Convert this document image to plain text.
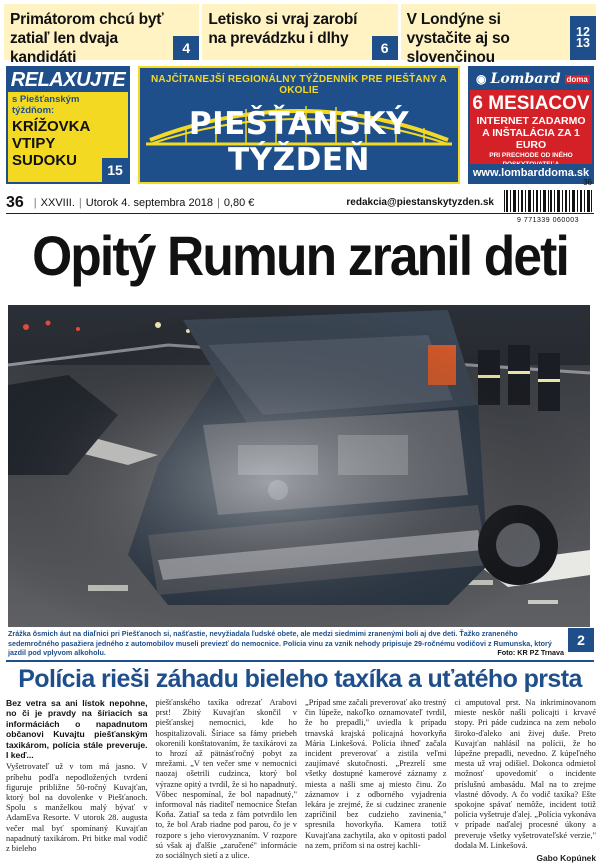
Primátorom chcú byť zatiaľ len dvaja kandidáti
4
Letisko si vraj zarobí na prevádzku i dlhy
6
V Londýne si vystačite aj so slovenčinou
12
13
RELAXUJTE
s Piešťanským týždňom:
KRÍŽOVKA
VTIPY
SUDOKU
15
NAJČÍTANEJŠÍ REGIONÁLNY TÝŽDENNÍK PRE PIEŠŤANY A OKOLIE
PIEŠŤANSKÝ TÝŽDEŇ
◉ Lombard doma
6 MESIACOV
INTERNET ZADARMO
A INŠTALÁCIA ZA 1 EURO
PRI PRECHODE OD INÉHO
www.lombarddoma.sk
36 | XXVIII. | Utorok 4. septembra 2018 | 0,80 €	redakcia@piestanskytyzden.sk
36
9 771339 060003
Opitý Rumun zranil deti
Zrážka ôsmich áut na diaľnici pri Piešťanoch si, našťastie, nevyžiadala ľudské obete, ale medzi siedmimi zranenými boli aj dve deti. Ťažko zraneného sedemročného pasažiera jedného z automobilov museli previezť do nemocnice. Polícia vinu za vznik nehody pripisuje 29-ročnému vodičovi z Rumunska, ktorý jazdil pod vplyvom alkoholu.	Foto: KR PZ Trnava
2
Polícia rieši záhadu bieleho taxíka a uťatého prsta

Bez vetra sa ani lístok nepohne, no či je pravdy na šíriacich sa informáciách o napadnutom občanovi Kuvajtu piešťanským taxikárom, polícia stále preveruje. I keď...

Vyšetrovateľ už v tom má jasno. V príbehu podľa nepodložených tvrdení figuruje približne 50-ročný Kuvajťan, ktorý bol na dovolenke v Piešťanoch. Spolu s manželkou malý bývať v AdamEva Resorte. V utorok 28. augusta večer mal byť spomínaný Kuvajťan napadnutý taxikárom. Pri bitke mal vodič z bieleho

piešťanského taxíka odrezať Arabovi prst! Zbitý Kuvajťan skončil v piešťanskej nemocnici, kde ho hospitalizovali. Šíriace sa fámy priebeh okorenili konštatovaním, že taxikárovi za to hrozí až pätnásťročný pobyt za mrežami. „V ten večer sme v nemocnici naozaj ošetrili cudzinca, ktorý bol výrazne opitý a tvrdil, že si ho napadnutý. Vôbec nespomínal, že bol napadnutý," informoval nás riaditeľ nemocnice Štefan Koňa. Zatiaľ sa teda z fám potvrdilo len to, že bol Arab riadne pod parou, čo je v rozpore s jeho vierovyznaním. V rozpore sú však aj ďalšie „zaručené" informácie zo sociálnych sietí a z ulice.

„Prípad sme začali preverovať ako trestný čin lúpeže, nakoľko oznamovateľ tvrdil, že ho prepadli," uviedla k prípadu trnavská krajská policajná hovorkyňa Mária Linkešová. Polícia ihneď začala incident preverovať a zistila veľmi zaujímavé skutočnosti. „Prezrelí sme všetky dostupné kamerové záznamy z miesta a našli sme aj miesto činu. Zo záznamov i z odborného vyjadrenia lekára je zrejmé, že si cudzinec zranenie zapríčinil bez cudzieho zavinenia," spresnila hovorkyňa. Kamera totiž Kuvajťana zachytila, ako v opitosti padol na zem, pričom si na ostrej kachli-

ci amputoval prst. Na inkriminovanom mieste neskôr našli policajti i krvavé stopy. Pri páde cudzinca na zem nebolo široko-ďaleko ani živej duše. Preto Kuvajťan nahlásil na polícii, že ho lúpežne prepadli, nevedno. Z kúpeľného mesta už vraj odišiel. Dokonca odmietol možnosť upovedomiť o incidente príslušnú ambasádu. Mal na to zrejme vlastné dôvody. A čo vodič taxíka? Ešte spokojne spávať nemôže, incident totiž polícia vyšetruje ďalej. „Polícia vykonáva v prípade naďalej procesné úkony a preveruje všetky vyšetrovateľské verzie," dodala M. Linkešová.

Gabo Kopúnek
